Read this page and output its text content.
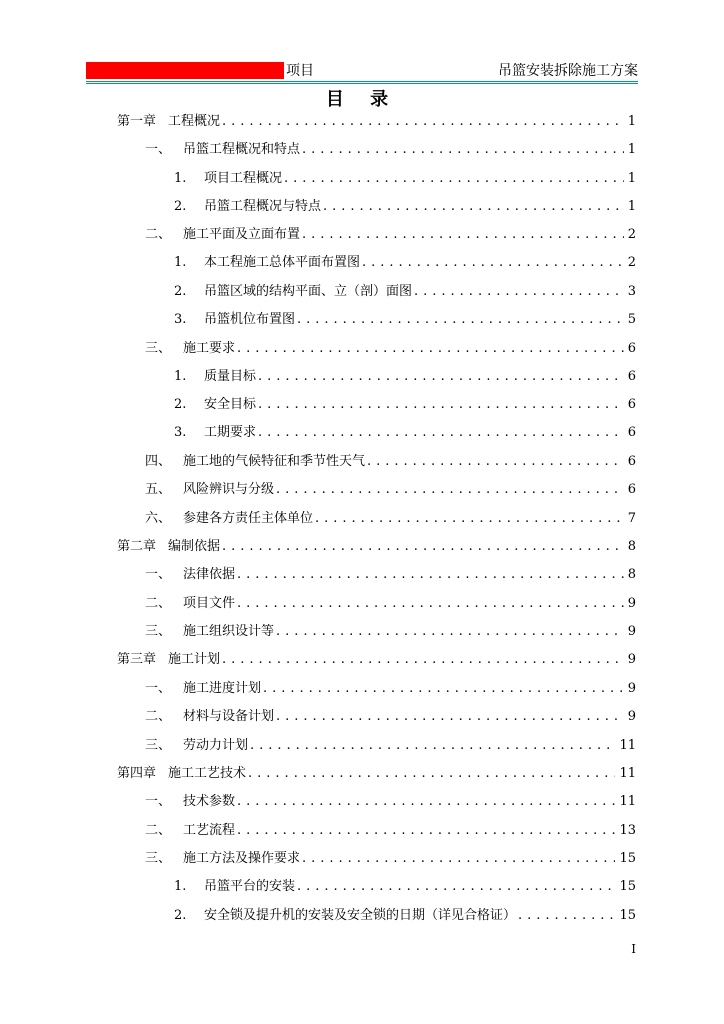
项目	吊篮安装拆除施工方案
目 录
第一章 工程概况 .....	1
一、 吊篮工程概况和特点 .....	1
1.	项目工程概况 .....	1
2.	吊篮工程概况与特点 .....	1
二、 施工平面及立面布置 .....	2
1.	本工程施工总体平面布置图 .....	2
2.	吊篮区域的结构平面、立（剖）面图 .....	3
3.	吊篮机位布置图 .....	5
三、 施工要求 .....	6
1.	质量目标 .....	6
2.	安全目标 .....	6
3.	工期要求 .....	6
四、 施工地的气候特征和季节性天气 .....	6
五、 风险辨识与分级 .....	6
六、 参建各方责任主体单位 .....	7
第二章 编制依据 .....	8
一、 法律依据 .....	8
二、 项目文件 .....	9
三、 施工组织设计等 .....	9
第三章 施工计划 .....	9
一、 施工进度计划 .....	9
二、 材料与设备计划 .....	9
三、 劳动力计划 .....	11
第四章 施工工艺技术 .....	11
一、 技术参数 .....	11
二、 工艺流程 .....	13
三、 施工方法及操作要求 .....	15
1.	吊篮平台的安装 .....	15
2.	安全锁及提升机的安装及安全锁的日期（详见合格证） .....	15
I
